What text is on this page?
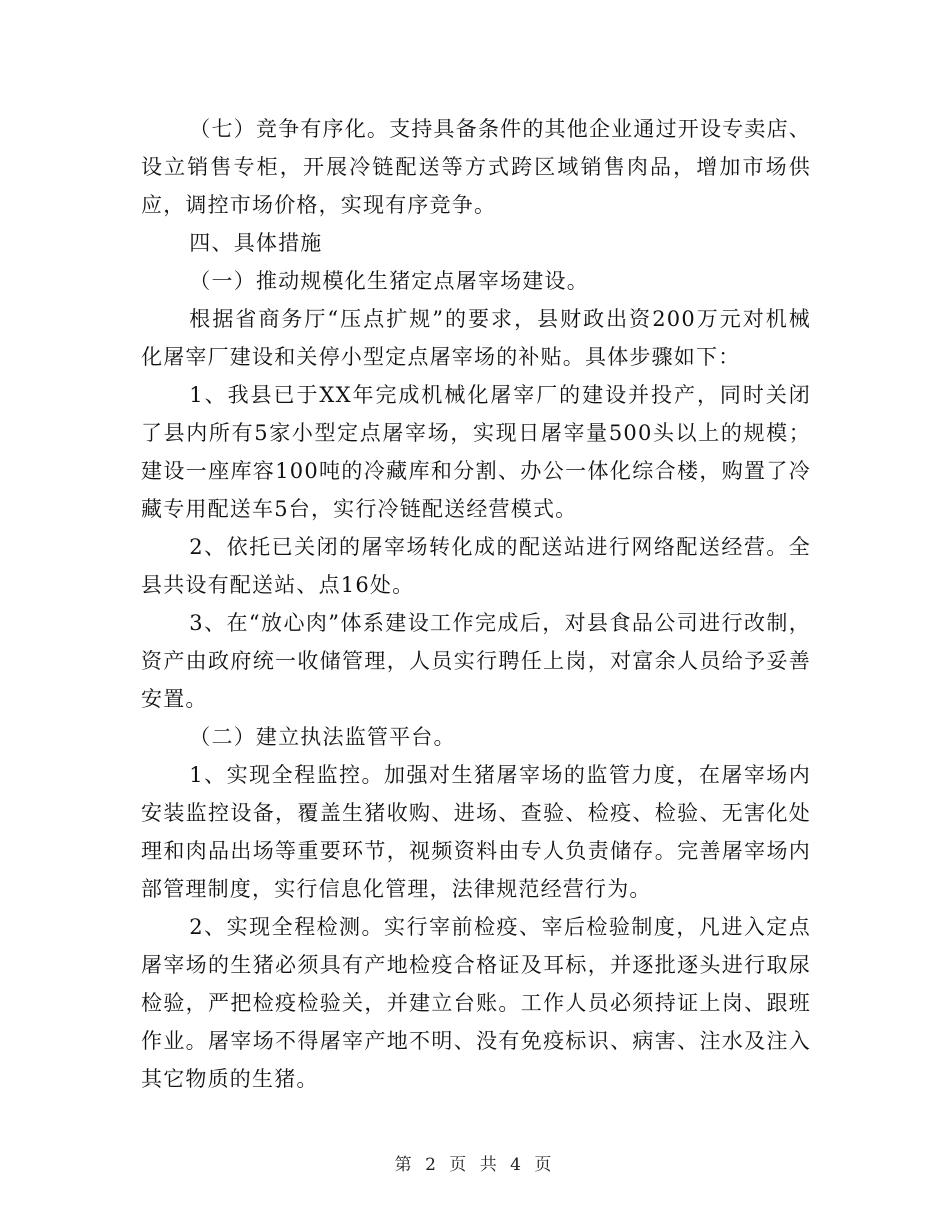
（七）竞争有序化。支持具备条件的其他企业通过开设专卖店、设立销售专柜，开展冷链配送等方式跨区域销售肉品，增加市场供应，调控市场价格，实现有序竞争。

四、具体措施

（一）推动规模化生猪定点屠宰场建设。

根据省商务厅“压点扩规”的要求，县财政出资200万元对机械化屠宰厂建设和关停小型定点屠宰场的补贴。具体步骤如下：

1、我县已于XX年完成机械化屠宰厂的建设并投产，同时关闭了县内所有5家小型定点屠宰场，实现日屠宰量500头以上的规模；建设一座库容100吨的冷藏库和分割、办公一体化综合楼，购置了冷藏专用配送车5台，实行冷链配送经营模式。

2、依托已关闭的屠宰场转化成的配送站进行网络配送经营。全县共设有配送站、点16处。

3、在“放心肉”体系建设工作完成后，对县食品公司进行改制，资产由政府统一收储管理，人员实行聘任上岗，对富余人员给予妥善安置。

（二）建立执法监管平台。

1、实现全程监控。加强对生猪屠宰场的监管力度，在屠宰场内安装监控设备，覆盖生猪收购、进场、查验、检疫、检验、无害化处理和肉品出场等重要环节，视频资料由专人负责储存。完善屠宰场内部管理制度，实行信息化管理，法律规范经营行为。

2、实现全程检测。实行宰前检疫、宰后检验制度，凡进入定点屠宰场的生猪必须具有产地检疫合格证及耳标，并逐批逐头进行取尿检验，严把检疫检验关，并建立台账。工作人员必须持证上岗、跟班作业。屠宰场不得屠宰产地不明、没有免疫标识、病害、注水及注入其它物质的生猪。

第 2 页 共 4 页
